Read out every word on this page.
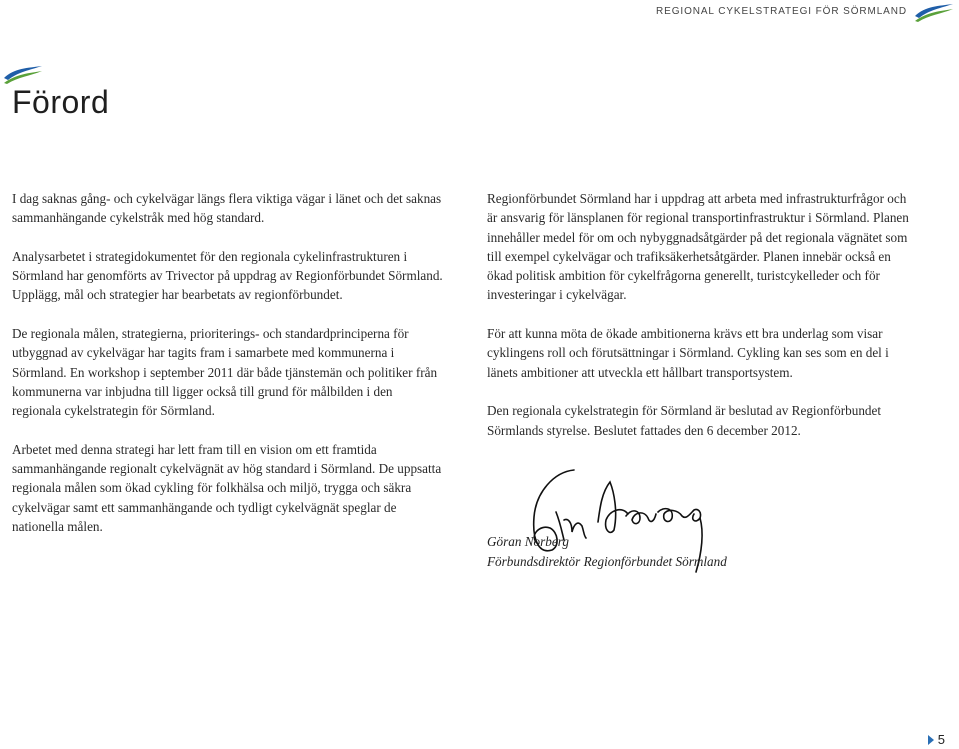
REGIONAL CYKELSTRATEGI FÖR SÖRMLAND
Förord

I dag saknas gång- och cykelvägar längs flera viktiga vägar i länet och det saknas sammanhängande cykelstråk med hög standard.

Analysarbetet i strategidokumentet för den regionala cykelinfrastrukturen i Sörmland har genomförts av Trivector på uppdrag av Regionförbundet Sörmland. Upplägg, mål och strategier har bearbetats av regionförbundet.

De regionala målen, strategierna, prioriterings- och standardprinciperna för utbyggnad av cykelvägar har tagits fram i samarbete med kommunerna i Sörmland. En workshop i september 2011 där både tjänstemän och politiker från kommunerna var inbjudna till ligger också till grund för målbilden i den regionala cykelstrategin för Sörmland.

Arbetet med denna strategi har lett fram till en vision om ett framtida sammanhängande regionalt cykelvägnät av hög standard i Sörmland. De uppsatta regionala målen som ökad cykling för folkhälsa och miljö, trygga och säkra cykelvägar samt ett sammanhängande och tydligt cykelvägnät speglar de nationella målen.

Regionförbundet Sörmland har i uppdrag att arbeta med infrastrukturfrågor och är ansvarig för länsplanen för regional transportinfrastruktur i Sörmland. Planen innehåller medel för om och nybyggnadsåtgärder på det regionala vägnätet som till exempel cykelvägar och trafiksäkerhetsåtgärder. Planen innebär också en ökad politisk ambition för cykelfrågorna generellt, turistcykelleder och för investeringar i cykelvägar.

För att kunna möta de ökade ambitionerna krävs ett bra underlag som visar cyklingens roll och förutsättningar i Sörmland. Cykling kan ses som en del i länets ambitioner att utveckla ett hållbart transportsystem.

Den regionala cykelstrategin för Sörmland är beslutad av Regionförbundet Sörmlands styrelse. Beslutet fattades den 6 december 2012.

Göran Norberg
Förbundsdirektör Regionförbundet Sörmland
5
